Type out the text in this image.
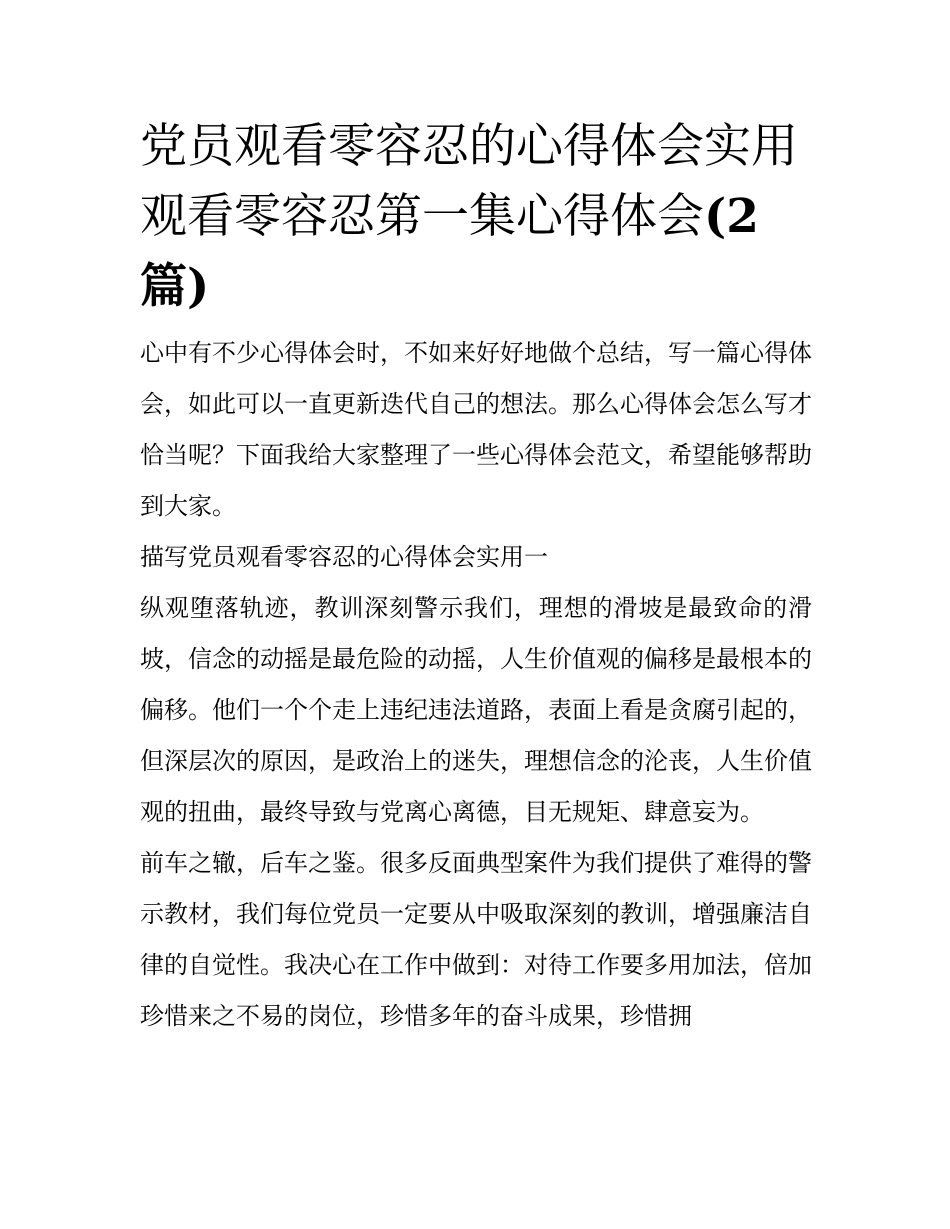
党员观看零容忍的心得体会实用 观看零容忍第一集心得体会(2篇)

心中有不少心得体会时，不如来好好地做个总结，写一篇心得体会，如此可以一直更新迭代自己的想法。那么心得体会怎么写才恰当呢？下面我给大家整理了一些心得体会范文，希望能够帮助到大家。

描写党员观看零容忍的心得体会实用一

纵观堕落轨迹，教训深刻警示我们，理想的滑坡是最致命的滑坡，信念的动摇是最危险的动摇，人生价值观的偏移是最根本的偏移。他们一个个走上违纪违法道路，表面上看是贪腐引起的，但深层次的原因，是政治上的迷失，理想信念的沦丧，人生价值观的扭曲，最终导致与党离心离德，目无规矩、肆意妄为。

前车之辙，后车之鉴。很多反面典型案件为我们提供了难得的警示教材，我们每位党员一定要从中吸取深刻的教训，增强廉洁自律的自觉性。我决心在工作中做到：对待工作要多用加法，倍加珍惜来之不易的岗位，珍惜多年的奋斗成果，珍惜拥
